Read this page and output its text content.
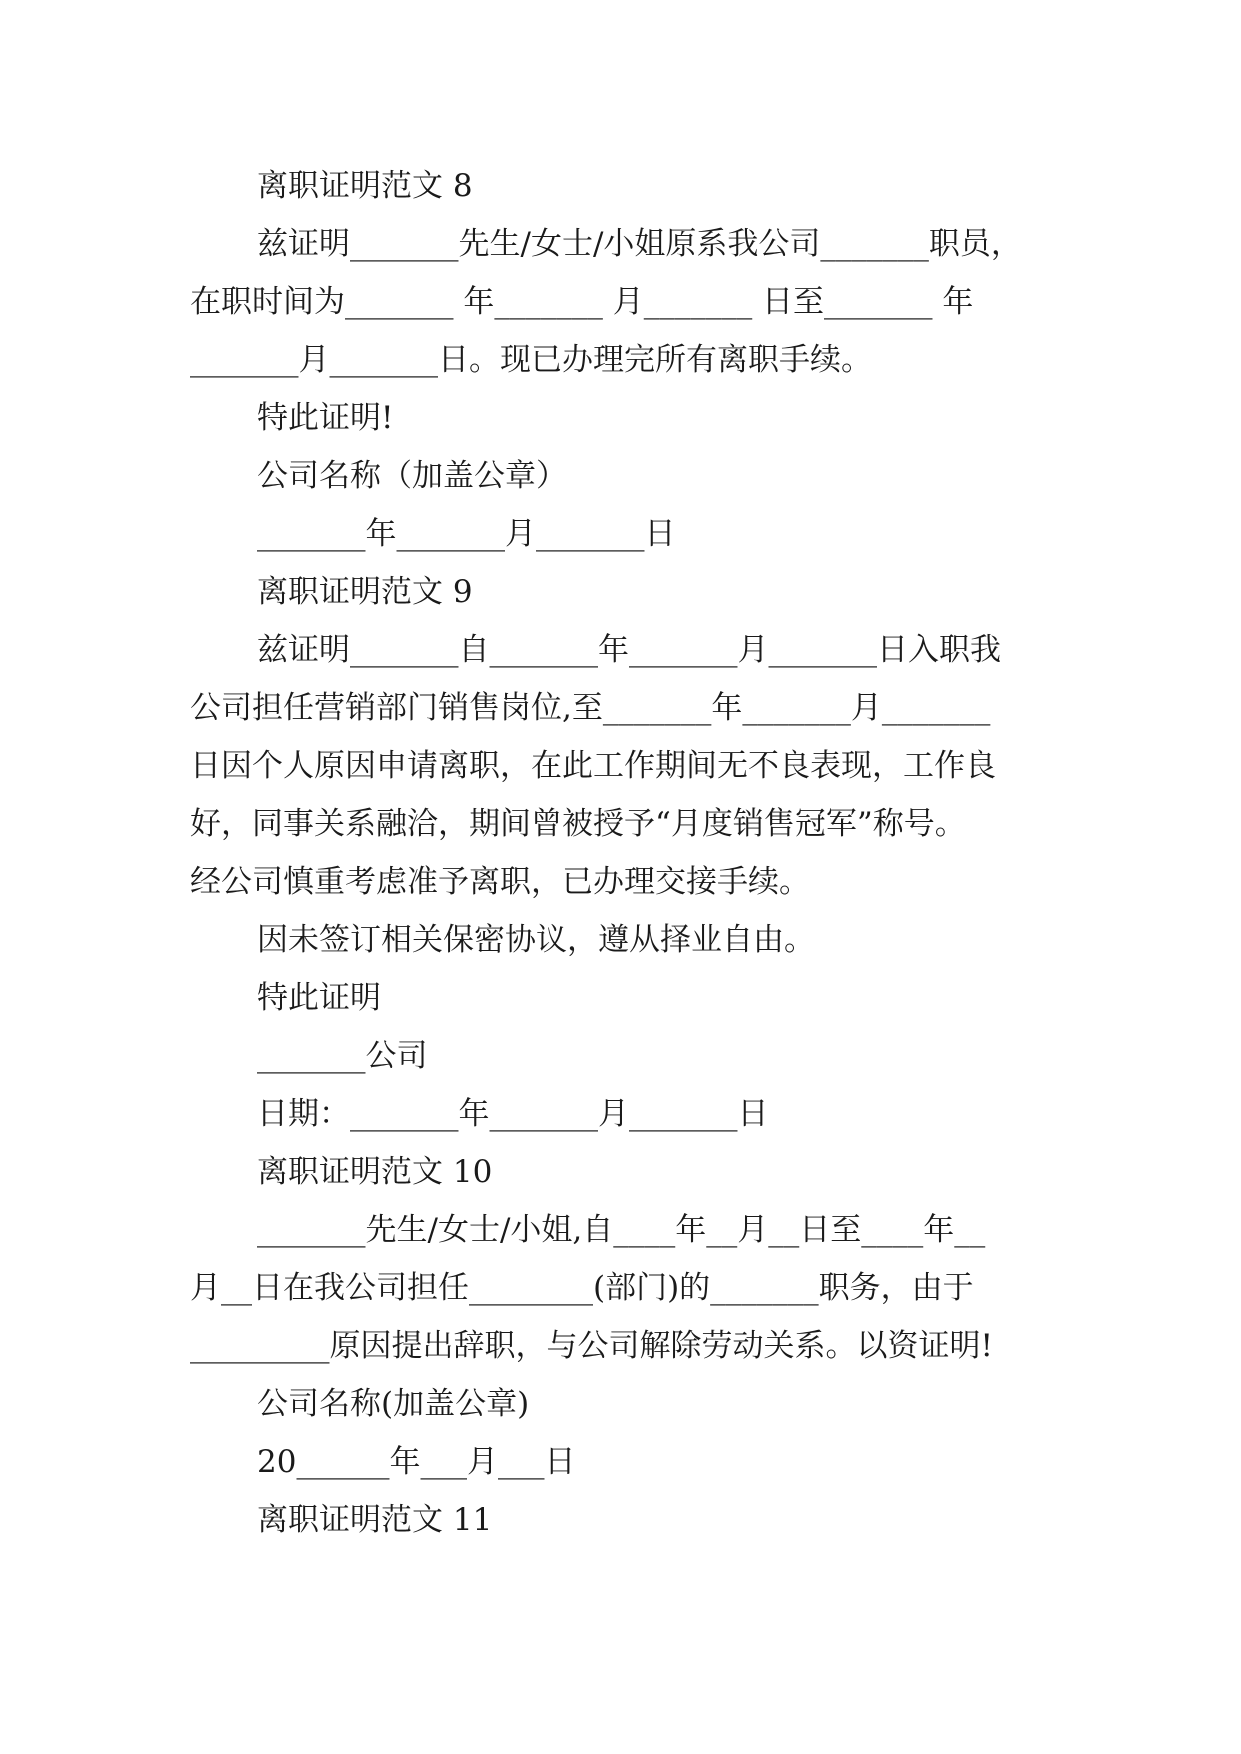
离职证明范文 8

兹证明_______先生/女士/小姐原系我公司_______职员，

在职时间为_______ 年_______ 月_______ 日至_______ 年

_______月_______日。现已办理完所有离职手续。

特此证明!

公司名称（加盖公章）

_______年_______月_______日

离职证明范文 9

兹证明_______自_______年_______月_______日入职我

公司担任营销部门销售岗位,至_______年_______月_______

日因个人原因申请离职，在此工作期间无不良表现，工作良

好，同事关系融洽，期间曾被授予“月度销售冠军”称号。

经公司慎重考虑准予离职，已办理交接手续。

因未签订相关保密协议，遵从择业自由。

特此证明

_______公司

日期：_______年_______月_______日

离职证明范文 10

_______先生/女士/小姐,自____年__月__日至____年__

月__日在我公司担任________(部门)的_______职务，由于

_________原因提出辞职，与公司解除劳动关系。以资证明!

公司名称(加盖公章)

20______年___月___日

离职证明范文 11
